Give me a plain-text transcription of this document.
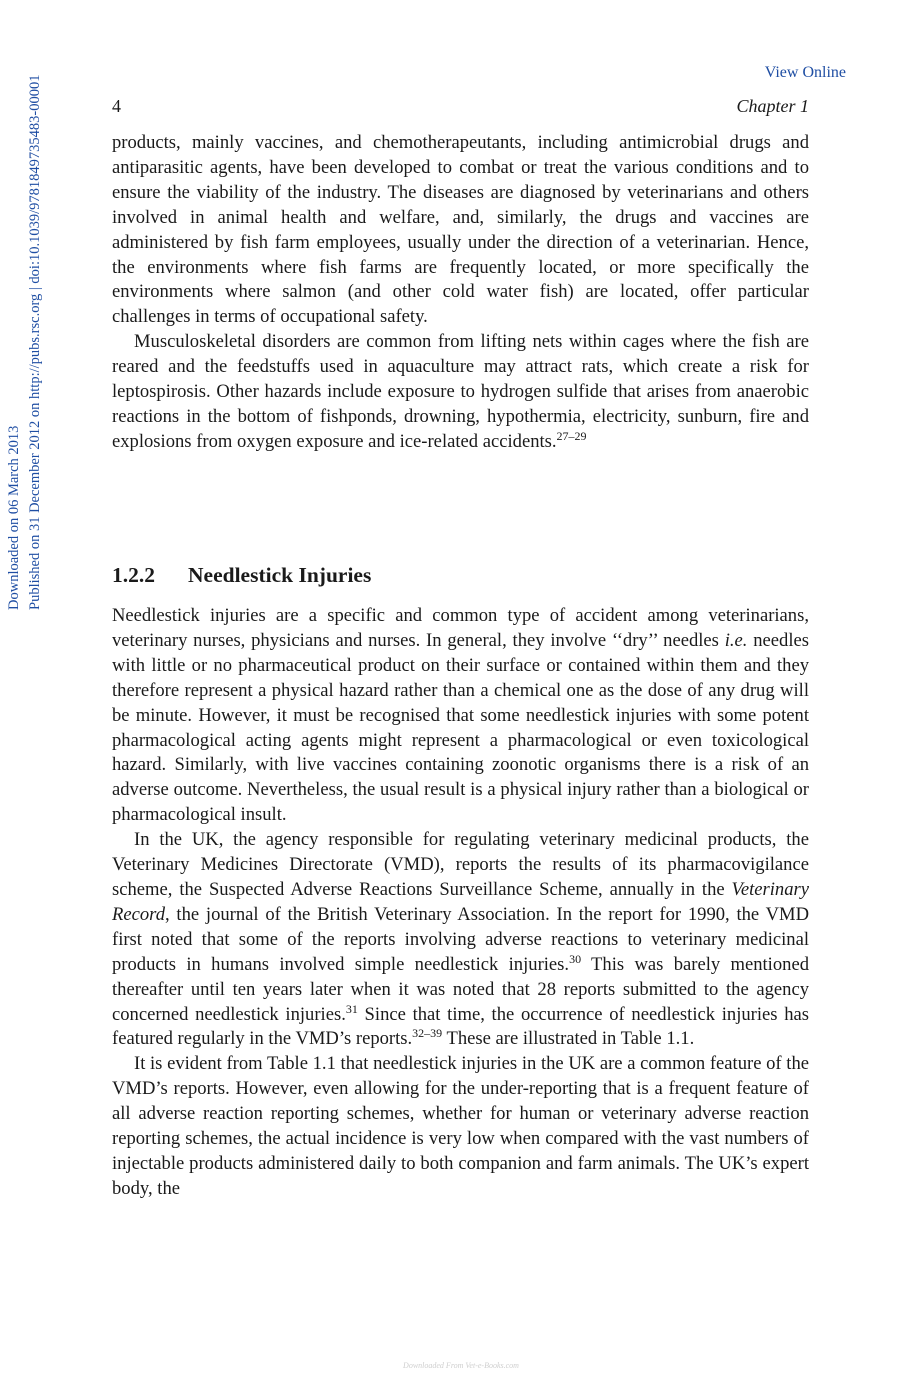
View Online
Downloaded on 06 March 2013 Published on 31 December 2012 on http://pubs.rsc.org | doi:10.1039/9781849735483-00001	4	Chapter 1

products, mainly vaccines, and chemotherapeutants, including antimicrobial drugs and antiparasitic agents, have been developed to combat or treat the various conditions and to ensure the viability of the industry. The diseases are diagnosed by veterinarians and others involved in animal health and welfare, and, similarly, the drugs and vaccines are administered by fish farm employees, usually under the direction of a veterinarian. Hence, the environments where fish farms are frequently located, or more specifically the environments where salmon (and other cold water fish) are located, offer particular challenges in terms of occupational safety.

Musculoskeletal disorders are common from lifting nets within cages where the fish are reared and the feedstuffs used in aquaculture may attract rats, which create a risk for leptospirosis. Other hazards include exposure to hydrogen sulfide that arises from anaerobic reactions in the bottom of fishponds, drowning, hypothermia, electricity, sunburn, fire and explosions from oxygen exposure and ice-related accidents.$^{27-29}$

1.2.2 Needlestick Injuries

Needlestick injuries are a specific and common type of accident among veterinarians, veterinary nurses, physicians and nurses. In general, they involve ‘‘dry’’ needles i.e. needles with little or no pharmaceutical product on their surface or contained within them and they therefore represent a physical hazard rather than a chemical one as the dose of any drug will be minute. However, it must be recognised that some needlestick injuries with some potent pharmacological acting agents might represent a pharmacological or even toxicological hazard. Similarly, with live vaccines containing zoonotic organisms there is a risk of an adverse outcome. Nevertheless, the usual result is a physical injury rather than a biological or pharmacological insult.

In the UK, the agency responsible for regulating veterinary medicinal products, the Veterinary Medicines Directorate (VMD), reports the results of its pharmacovigilance scheme, the Suspected Adverse Reactions Surveillance Scheme, annually in the Veterinary Record, the journal of the British Veterinary Association. In the report for 1990, the VMD first noted that some of the reports involving adverse reactions to veterinary medicinal products in humans involved simple needlestick injuries.$^{30}$ This was barely mentioned thereafter until ten years later when it was noted that 28 reports submitted to the agency concerned needlestick injuries.$^{31}$ Since that time, the occurrence of needlestick injuries has featured regularly in the VMD’s reports.$^{32-39}$ These are illustrated in Table 1.1.

It is evident from Table 1.1 that needlestick injuries in the UK are a common feature of the VMD’s reports. However, even allowing for the under-reporting that is a frequent feature of all adverse reaction reporting schemes, whether for human or veterinary adverse reaction reporting schemes, the actual incidence is very low when compared with the vast numbers of injectable products administered daily to both companion and farm animals. The UK’s expert body, the

Downloaded From Vet-e-Books.com
